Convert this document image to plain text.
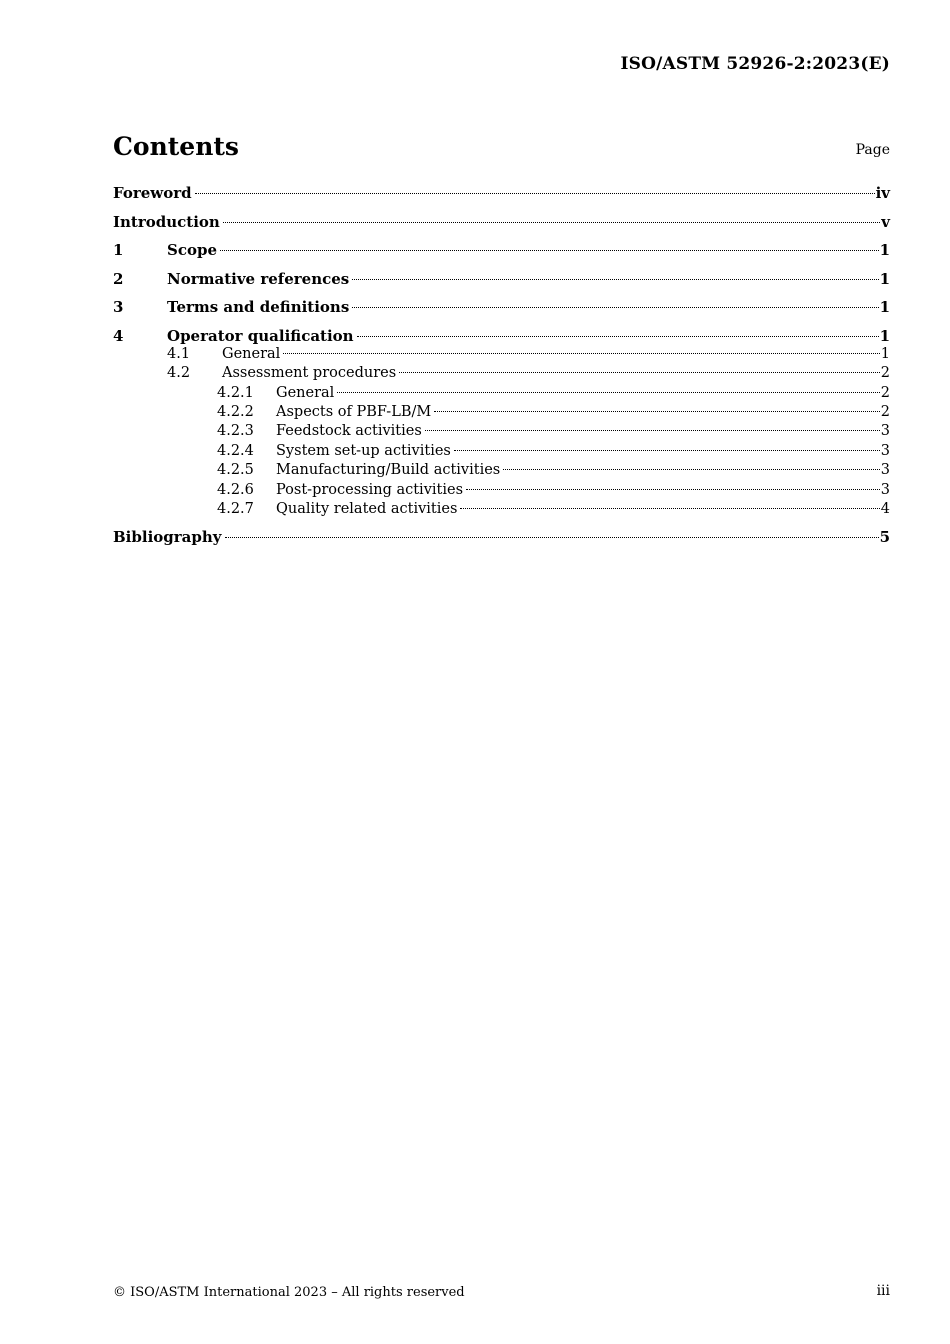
ISO/ASTM 52926-2:2023(E)
Contents	Page
Foreword	iv
Introduction	v
1	Scope	1
2	Normative references	1
3	Terms and definitions	1
4	Operator qualification	1
4.1	General	1
4.2	Assessment procedures	2
4.2.1	General	2
4.2.2	Aspects of PBF-LB/M	2
4.2.3	Feedstock activities	3
4.2.4	System set-up activities	3
4.2.5	Manufacturing/Build activities	3
4.2.6	Post-processing activities	3
4.2.7	Quality related activities	4
Bibliography	5
© ISO/ASTM International 2023 – All rights reserved	iii
